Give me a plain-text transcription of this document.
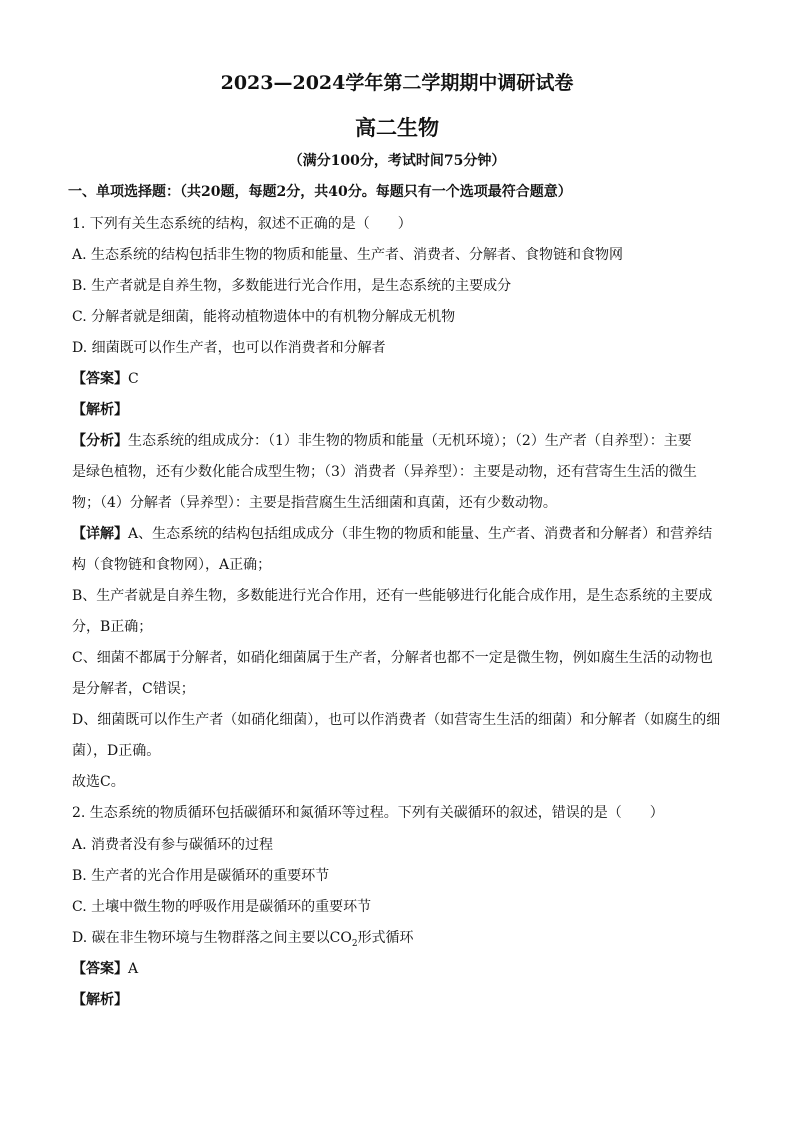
2023—2024学年第二学期期中调研试卷
高二生物
（满分100分，考试时间75分钟）
一、单项选择题：（共20题，每题2分，共40分。每题只有一个选项最符合题意）
1. 下列有关生态系统的结构，叙述不正确的是（　　）
A. 生态系统的结构包括非生物的物质和能量、生产者、消费者、分解者、食物链和食物网
B. 生产者就是自养生物，多数能进行光合作用，是生态系统的主要成分
C. 分解者就是细菌，能将动植物遗体中的有机物分解成无机物
D. 细菌既可以作生产者，也可以作消费者和分解者
【答案】C
【解析】
【分析】生态系统的组成成分：（1）非生物的物质和能量（无机环境）；（2）生产者（自养型）：主要
是绿色植物，还有少数化能合成型生物；（3）消费者（异养型）：主要是动物，还有营寄生生活的微生
物；（4）分解者（异养型）：主要是指营腐生生活细菌和真菌，还有少数动物。
【详解】A、生态系统的结构包括组成成分（非生物的物质和能量、生产者、消费者和分解者）和营养结
构（食物链和食物网），A正确；
B、生产者就是自养生物，多数能进行光合作用，还有一些能够进行化能合成作用，是生态系统的主要成
分，B正确；
C、细菌不都属于分解者，如硝化细菌属于生产者，分解者也都不一定是微生物，例如腐生生活的动物也
是分解者，C错误；
D、细菌既可以作生产者（如硝化细菌），也可以作消费者（如营寄生生活的细菌）和分解者（如腐生的细
菌），D正确。
故选C。
2. 生态系统的物质循环包括碳循环和氮循环等过程。下列有关碳循环的叙述，错误的是（　　）
A. 消费者没有参与碳循环的过程
B. 生产者的光合作用是碳循环的重要环节
C. 土壤中微生物的呼吸作用是碳循环的重要环节
D. 碳在非生物环境与生物群落之间主要以$CO_2$形式循环
【答案】A
【解析】
